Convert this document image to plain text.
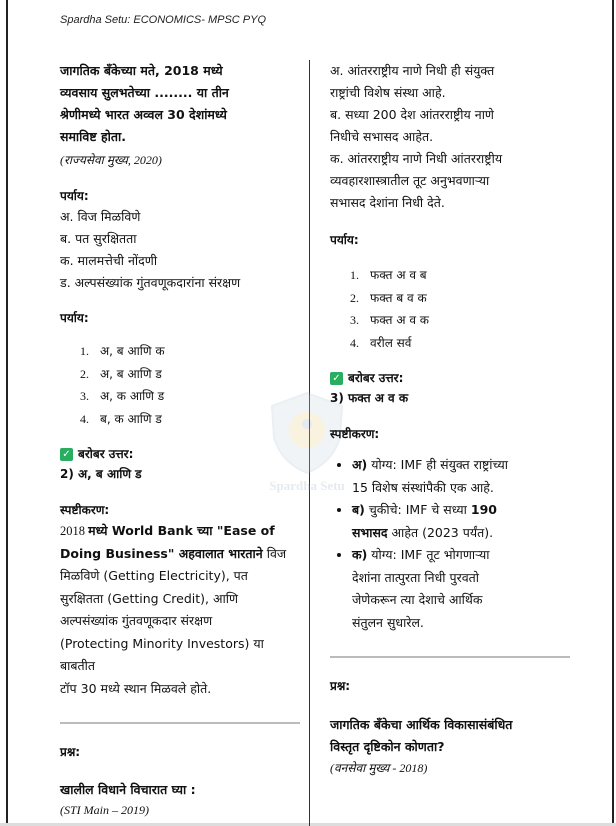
Spardha Setu: ECONOMICS- MPSC PYQ
Spardha Setu

जागतिक बँकेच्या मते, 2018 मध्ये

व्यवसाय सुलभतेच्या ........ या तीन

श्रेणीमध्ये भारत अव्वल 30 देशांमध्ये

समाविष्ट होता.

(राज्यसेवा मुख्य, 2020)

पर्याय:

अ. विज मिळविणे

ब. पत सुरक्षितता

क. मालमत्तेची नोंदणी

ड. अल्पसंख्यांक गुंतवणूकदारांना संरक्षण

पर्याय:

1. अ, ब आणि क
2. अ, ब आणि ड
3. अ, क आणि ड
4. ब, क आणि ड

✓ बरोबर उत्तर:

2) अ, ब आणि ड

स्पष्टीकरण:

2018 मध्ये World Bank च्या "Ease of

Doing Business" अहवालात भारताने विज

मिळविणे (Getting Electricity), पत

सुरक्षितता (Getting Credit), आणि

अल्पसंख्यांक गुंतवणूकदार संरक्षण

(Protecting Minority Investors) या बाबतीत

टॉप 30 मध्ये स्थान मिळवले होते.

प्रश्न:

खालील विधाने विचारात घ्या :

(STI Main – 2019)

अ. आंतरराष्ट्रीय नाणे निधी ही संयुक्त

राष्ट्रांची विशेष संस्था आहे.

ब. सध्या 200 देश आंतरराष्ट्रीय नाणे

निधीचे सभासद आहेत.

क. आंतरराष्ट्रीय नाणे निधी आंतरराष्ट्रीय

व्यवहारशास्त्रातील तूट अनुभवणाऱ्या

सभासद देशांना निधी देते.

पर्याय:

1. फक्त अ व ब
2. फक्त ब व क
3. फक्त अ व क
4. वरील सर्व

✓ बरोबर उत्तर:

3) फक्त अ व क

स्पष्टीकरण:

• अ) योग्य: IMF ही संयुक्त राष्ट्रांच्या
15 विशेष संस्थांपैकी एक आहे.
• ब) चुकीचे: IMF चे सध्या 190
सभासद आहेत (2023 पर्यंत).
• क) योग्य: IMF तूट भोगणाऱ्या
देशांना तात्पुरता निधी पुरवतो
जेणेकरून त्या देशाचे आर्थिक
संतुलन सुधारेल.

प्रश्न:

जागतिक बँकेचा आर्थिक विकासासंबंधित

विस्तृत दृष्टिकोन कोणता?

(वनसेवा मुख्य - 2018)
